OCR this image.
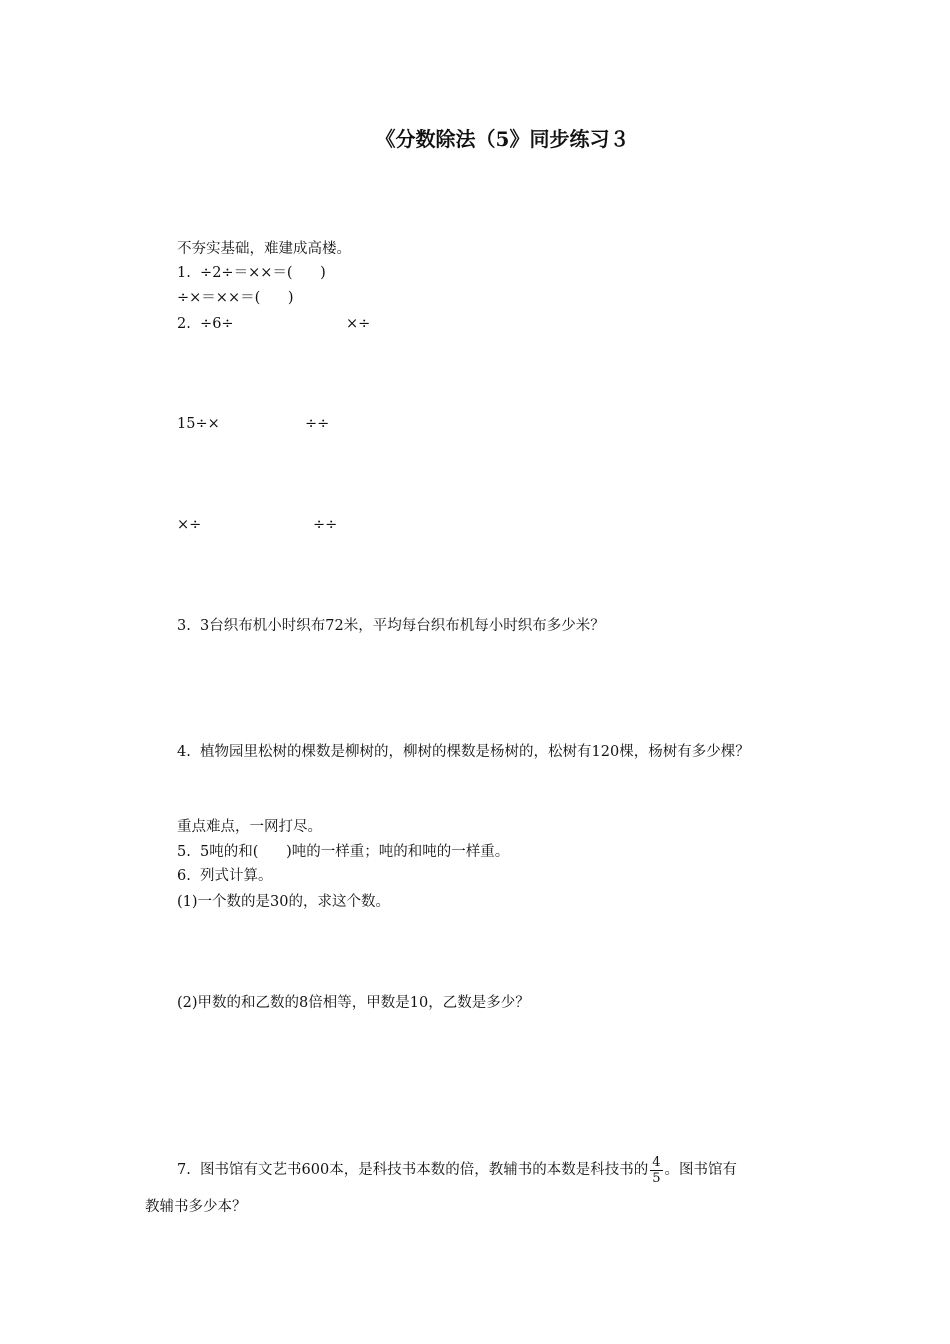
《分数除法（5》同步练习３
不夯实基础，难建成高楼。
1.  ÷2÷＝××＝(      )
÷×＝××＝(      )
2.  ÷6÷	×÷
15÷×	÷÷
×÷	÷÷
3.  3台织布机小时织布72米，平均每台织布机每小时织布多少米？
4.  植物园里松树的棵数是柳树的，柳树的棵数是杨树的，松树有120棵，杨树有多少棵？
重点难点，一网打尽。
5.  5吨的和(      )吨的一样重；吨的和吨的一样重。
6.  列式计算。
(1)一个数的是30的，求这个数。
(2)甲数的和乙数的8倍相等，甲数是10，乙数是多少？
7.  图书馆有文艺书600本，是科技书本数的倍，教辅书的本数是科技书的 $\frac{4}{5}$ 。图书馆有
教辅书多少本？
